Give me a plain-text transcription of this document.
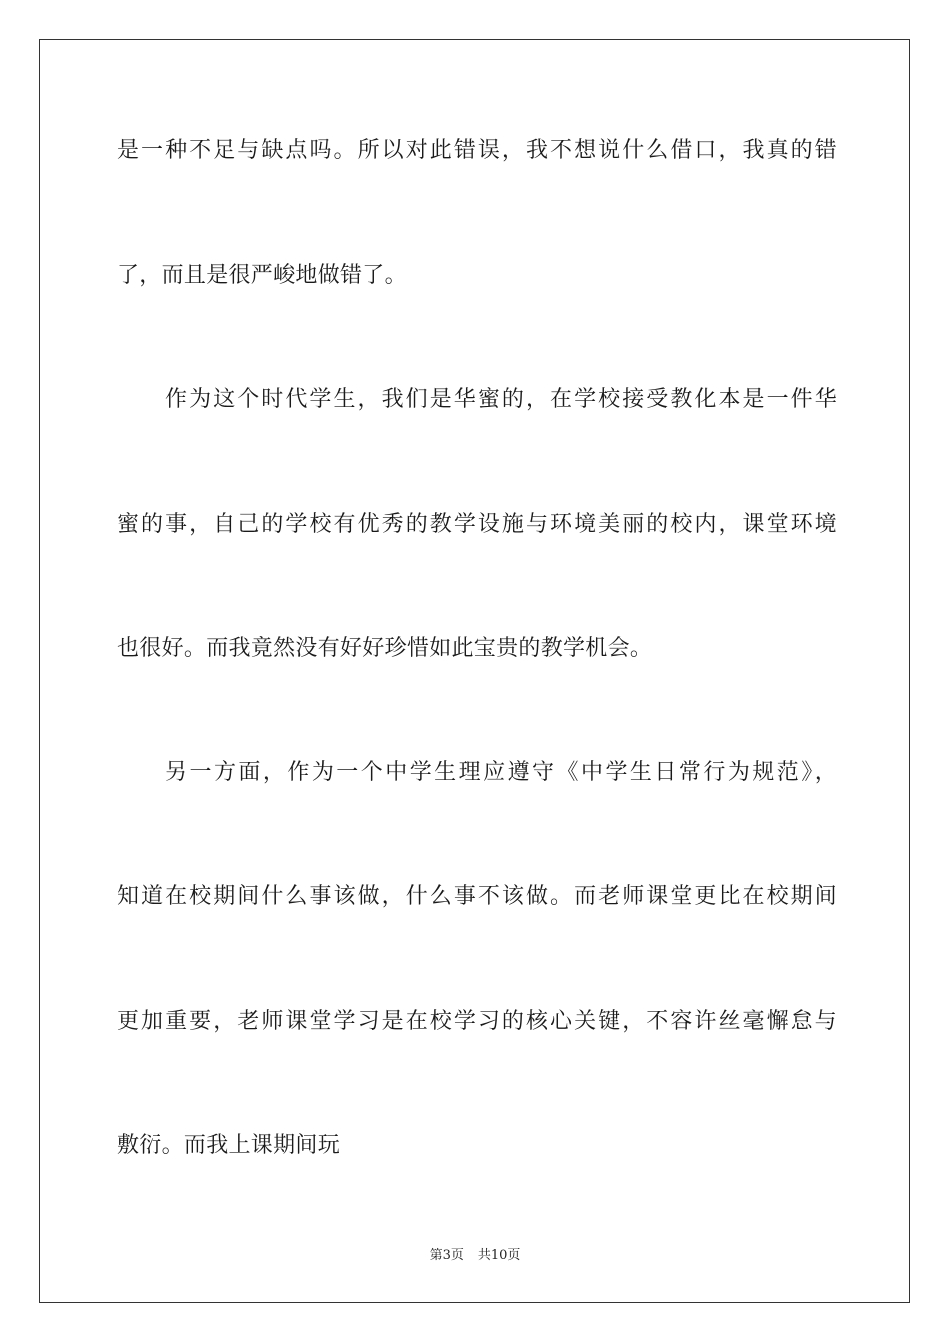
是一种不足与缺点吗。所以对此错误，我不想说什么借口，我真的错
了，而且是很严峻地做错了。
作为这个时代学生，我们是华蜜的，在学校接受教化本是一件华
蜜的事，自己的学校有优秀的教学设施与环境美丽的校内，课堂环境
也很好。而我竟然没有好好珍惜如此宝贵的教学机会。
另一方面，作为一个中学生理应遵守《中学生日常行为规范》，
知道在校期间什么事该做，什么事不该做。而老师课堂更比在校期间
更加重要，老师课堂学习是在校学习的核心关键，不容许丝毫懈怠与
敷衍。而我上课期间玩
第3页 共10页
